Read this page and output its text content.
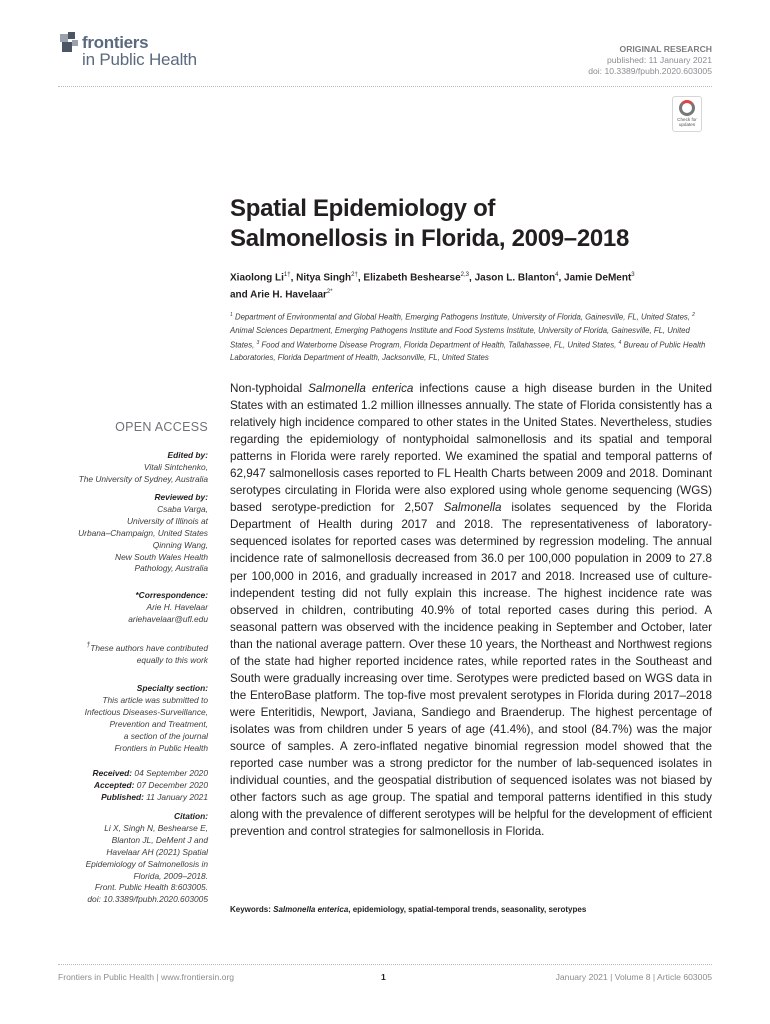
frontiers
in Public Health
ORIGINAL RESEARCH
published: 11 January 2021
doi: 10.3389/fpubh.2020.603005
Check for
updates
Spatial Epidemiology of
Salmonellosis in Florida, 2009–2018
Xiaolong $Li^{1\dagger}$, Nitya Singh$^{2\dagger}$, Elizabeth Beshearse$^{2,3}$, Jason L. Blanton$^4$, Jamie DeMent$^3$
and Arie H. Havelaar$^{2*}$
$^1$ Department of Environmental and Global Health, Emerging Pathogens Institute, University of Florida, Gainesville, FL, United States, $^2$ Animal Sciences Department, Emerging Pathogens Institute and Food Systems Institute, University of Florida, Gainesville, FL, United States, $^3$ Food and Waterborne Disease Program, Florida Department of Health, Tallahassee, FL, United States, $^4$ Bureau of Public Health Laboratories, Florida Department of Health, Jacksonville, FL, United States
OPEN ACCESS
Edited by:
Vitali Sintchenko,
The University of Sydney, Australia
Reviewed by:
Csaba Varga,
University of Illinois at
Urbana–Champaign, United States
Qinning Wang,
New South Wales Health
Pathology, Australia
*Correspondence:
Arie H. Havelaar
ariehavelaar@ufl.edu
†These authors have contributed
equally to this work
Specialty section:
This article was submitted to
Infectious Diseases-Surveillance,
Prevention and Treatment,
a section of the journal
Frontiers in Public Health
Received: 04 September 2020
Accepted: 07 December 2020
Published: 11 January 2021
Citation:
Li X, Singh N, Beshearse E,
Blanton JL, DeMent J and
Havelaar AH (2021) Spatial
Epidemiology of Salmonellosis in
Florida, 2009–2018.
Front. Public Health 8:603005.
doi: 10.3389/fpubh.2020.603005
Non-typhoidal Salmonella enterica infections cause a high disease burden in the United States with an estimated 1.2 million illnesses annually. The state of Florida consistently has a relatively high incidence compared to other states in the United States. Nevertheless, studies regarding the epidemiology of nontyphoidal salmonellosis and its spatial and temporal patterns in Florida were rarely reported. We examined the spatial and temporal patterns of 62,947 salmonellosis cases reported to FL Health Charts between 2009 and 2018. Dominant serotypes circulating in Florida were also explored using whole genome sequencing (WGS) based serotype-prediction for 2,507 Salmonella isolates sequenced by the Florida Department of Health during 2017 and 2018. The representativeness of laboratory-sequenced isolates for reported cases was determined by regression modeling. The annual incidence rate of salmonellosis decreased from 36.0 per 100,000 population in 2009 to 27.8 per 100,000 in 2016, and gradually increased in 2017 and 2018. Increased use of culture-independent testing did not fully explain this increase. The highest incidence rate was observed in children, contributing 40.9% of total reported cases during this period. A seasonal pattern was observed with the incidence peaking in September and October, later than the national average pattern. Over these 10 years, the Northeast and Northwest regions of the state had higher reported incidence rates, while reported rates in the Southeast and South were gradually increasing over time. Serotypes were predicted based on WGS data in the EnteroBase platform. The top-five most prevalent serotypes in Florida during 2017–2018 were Enteritidis, Newport, Javiana, Sandiego and Braenderup. The highest percentage of isolates was from children under 5 years of age (41.4%), and stool (84.7%) was the major source of samples. A zero-inflated negative binomial regression model showed that the reported case number was a strong predictor for the number of lab-sequenced isolates in individual counties, and the geospatial distribution of sequenced isolates was not biased by other factors such as age group. The spatial and temporal patterns identified in this study along with the prevalence of different serotypes will be helpful for the development of efficient prevention and control strategies for salmonellosis in Florida.
Keywords: Salmonella enterica, epidemiology, spatial-temporal trends, seasonality, serotypes
Frontiers in Public Health | www.frontiersin.org	1	January 2021 | Volume 8 | Article 603005
